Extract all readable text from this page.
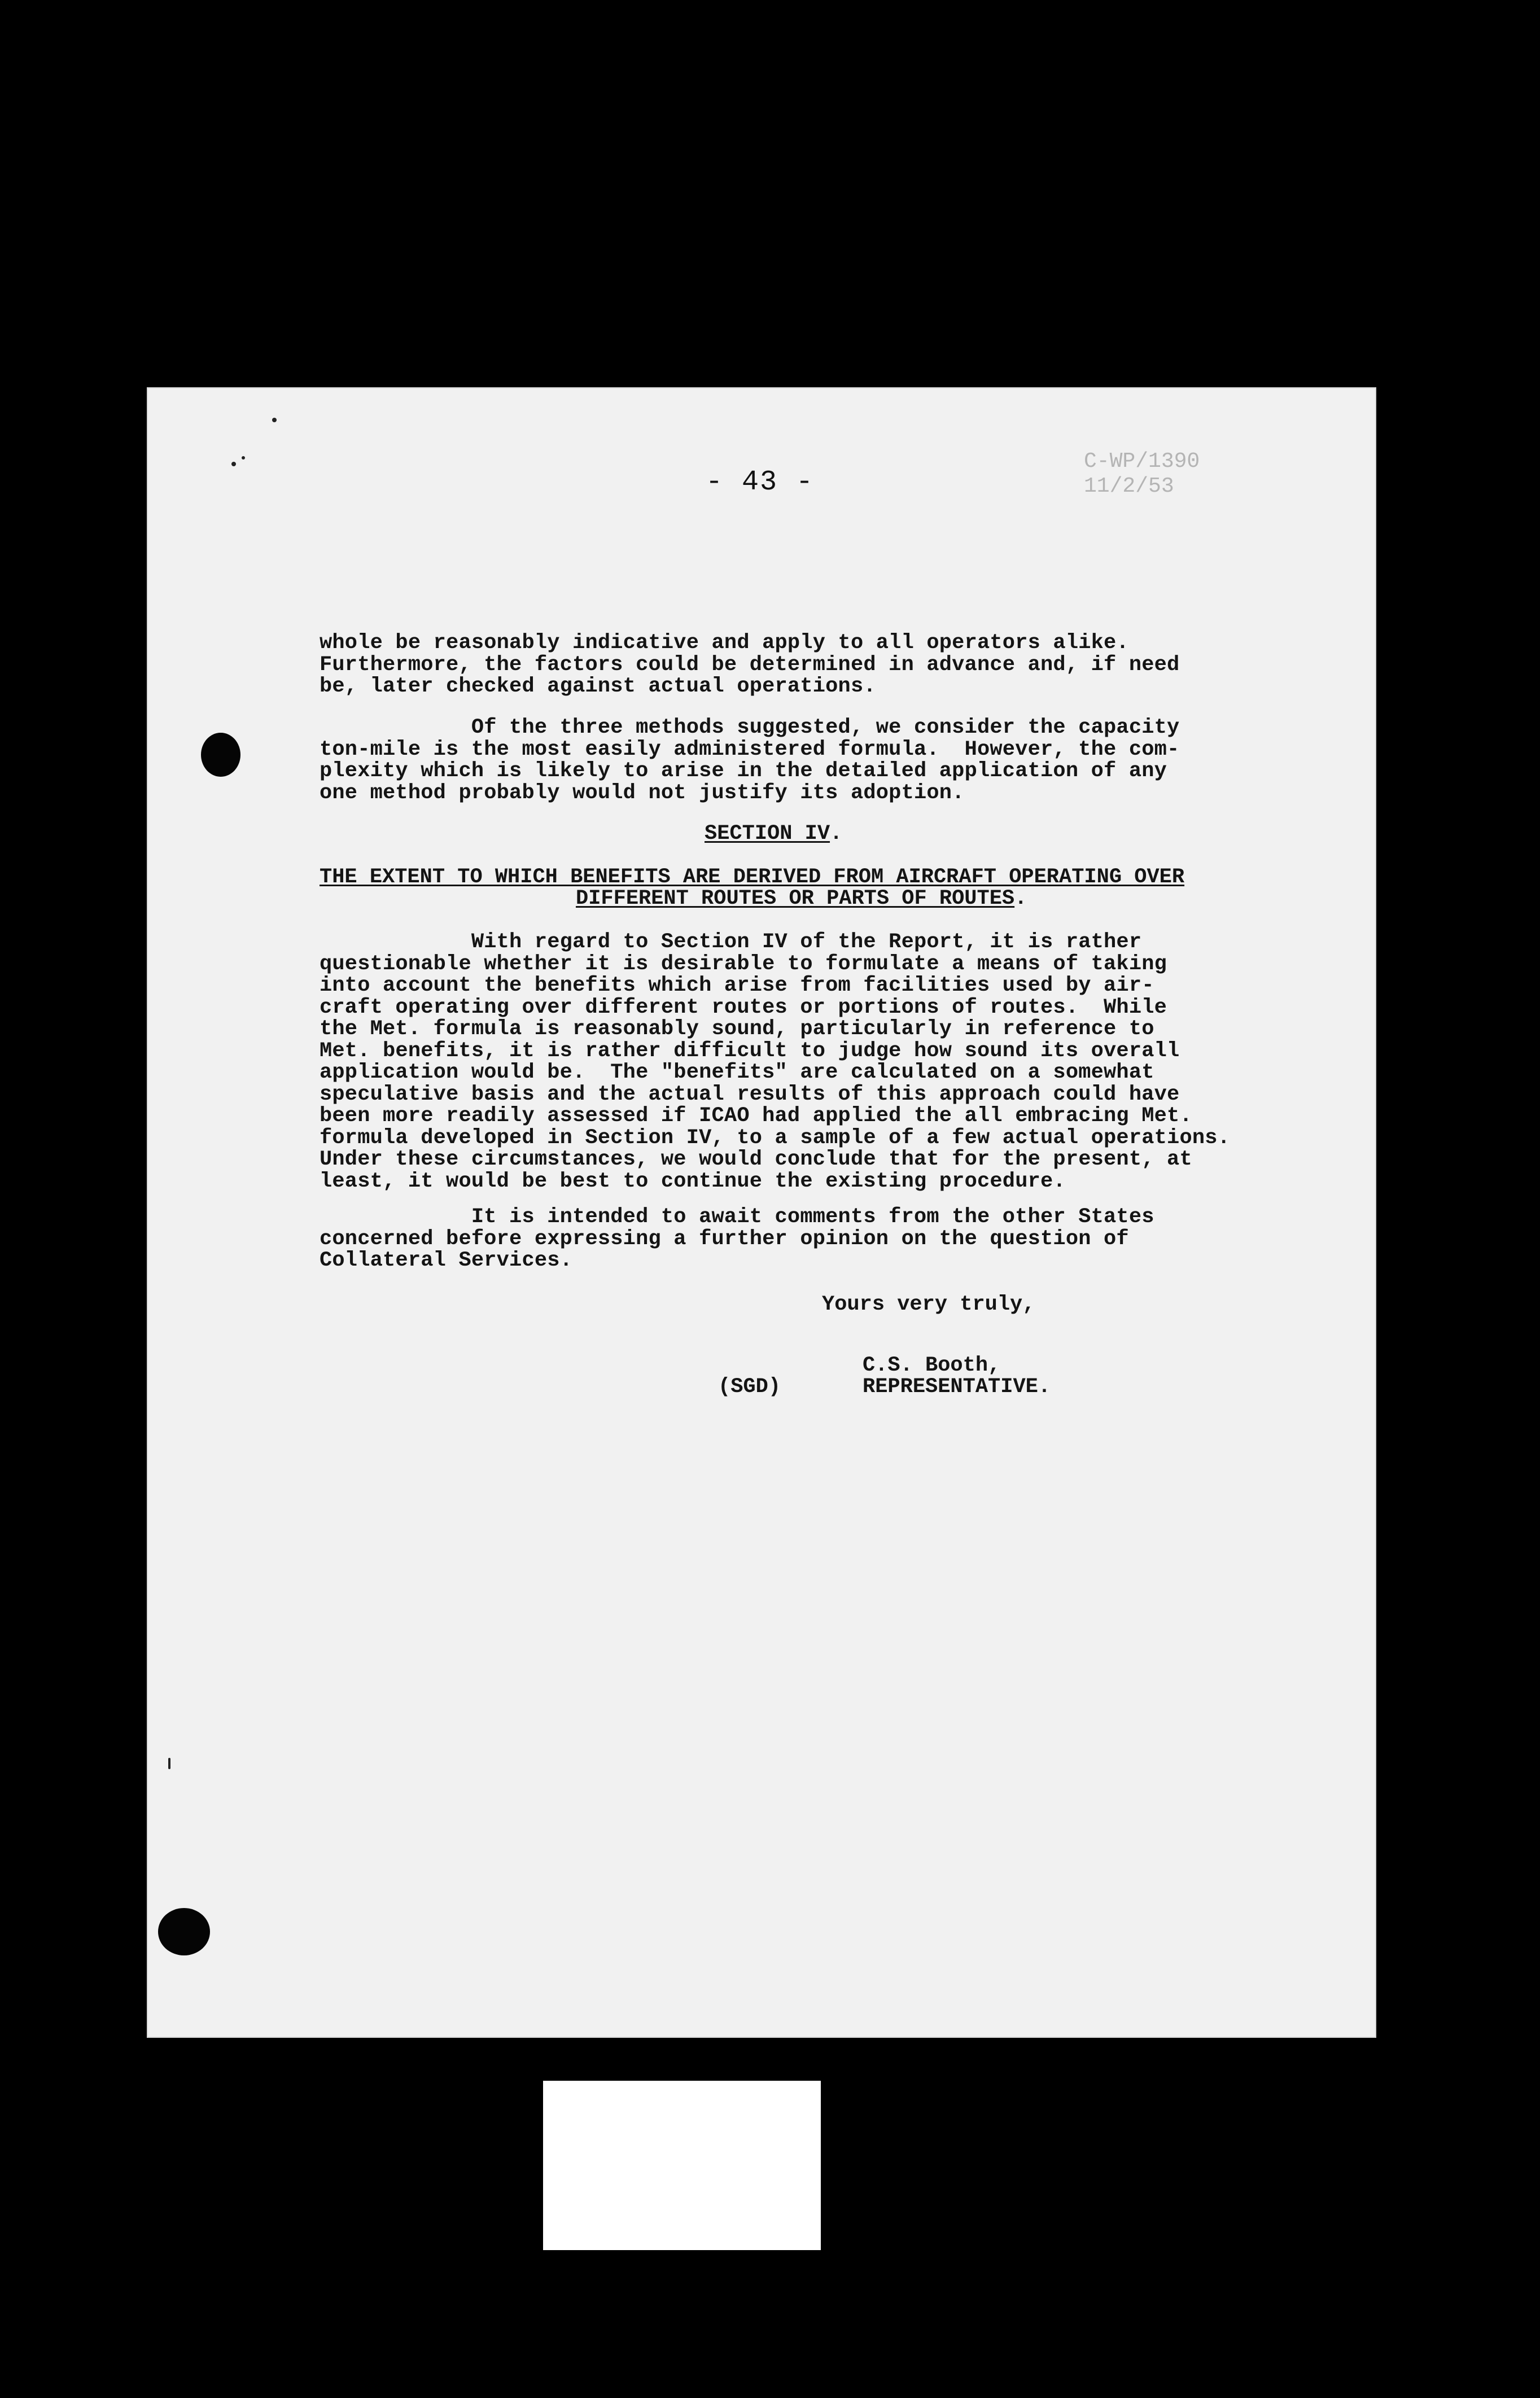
- 43 -
C-WP/1390
11/2/53
whole be reasonably indicative and apply to all operators alike.
Furthermore, the factors could be determined in advance and, if need
be, later checked against actual operations.
Of the three methods suggested, we consider the capacity
ton-mile is the most easily administered formula.  However, the com-
plexity which is likely to arise in the detailed application of any
one method probably would not justify its adoption.
SECTION IV.
THE EXTENT TO WHICH BENEFITS ARE DERIVED FROM AIRCRAFT OPERATING OVER
DIFFERENT ROUTES OR PARTS OF ROUTES.
With regard to Section IV of the Report, it is rather
questionable whether it is desirable to formulate a means of taking
into account the benefits which arise from facilities used by air-
craft operating over different routes or portions of routes.  While
the Met. formula is reasonably sound, particularly in reference to
Met. benefits, it is rather difficult to judge how sound its overall
application would be.  The "benefits" are calculated on a somewhat
speculative basis and the actual results of this approach could have
been more readily assessed if ICAO had applied the all embracing Met.
formula developed in Section IV, to a sample of a few actual operations.
Under these circumstances, we would conclude that for the present, at
least, it would be best to continue the existing procedure.
It is intended to await comments from the other States
concerned before expressing a further opinion on the question of
Collateral Services.
Yours very truly,
C.S. Booth,
(SGD)	REPRESENTATIVE.
